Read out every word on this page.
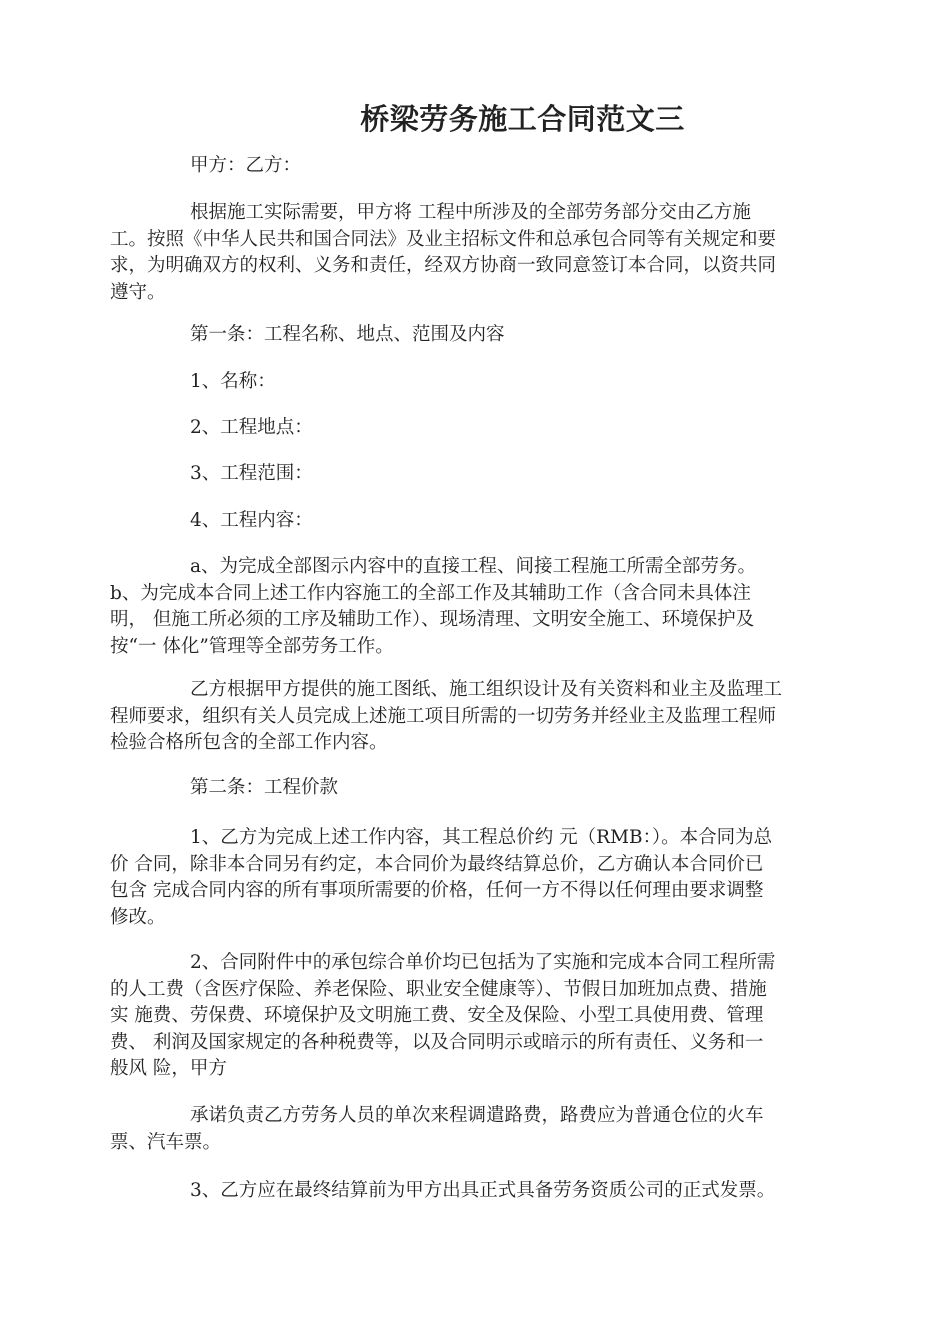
桥梁劳务施工合同范文三
甲方：乙方：
根据施工实际需要，甲方将 工程中所涉及的全部劳务部分交由乙方施
工。按照《中华人民共和国合同法》及业主招标文件和总承包合同等有关规定和要
求，为明确双方的权利、义务和责任，经双方协商一致同意签订本合同，以资共同
遵守。
第一条：工程名称、地点、范围及内容
1、名称：
2、工程地点：
3、工程范围：
4、工程内容：
a、为完成全部图示内容中的直接工程、间接工程施工所需全部劳务。
b、为完成本合同上述工作内容施工的全部工作及其辅助工作（含合同未具体注
明， 但施工所必须的工序及辅助工作）、现场清理、文明安全施工、环境保护及
按“一 体化”管理等全部劳务工作。
乙方根据甲方提供的施工图纸、施工组织设计及有关资料和业主及监理工
程师要求，组织有关人员完成上述施工项目所需的一切劳务并经业主及监理工程师
检验合格所包含的全部工作内容。
第二条：工程价款
1、乙方为完成上述工作内容，其工程总价约 元（RMB：）。本合同为总
价 合同，除非本合同另有约定，本合同价为最终结算总价，乙方确认本合同价已
包含 完成合同内容的所有事项所需要的价格，任何一方不得以任何理由要求调整
修改。
2、合同附件中的承包综合单价均已包括为了实施和完成本合同工程所需
的人工费（含医疗保险、养老保险、职业安全健康等）、节假日加班加点费、措施
实 施费、劳保费、环境保护及文明施工费、安全及保险、小型工具使用费、管理
费、 利润及国家规定的各种税费等，以及合同明示或暗示的所有责任、义务和一
般风 险，甲方
承诺负责乙方劳务人员的单次来程调遣路费，路费应为普通仓位的火车
票、汽车票。
3、乙方应在最终结算前为甲方出具正式具备劳务资质公司的正式发票。
